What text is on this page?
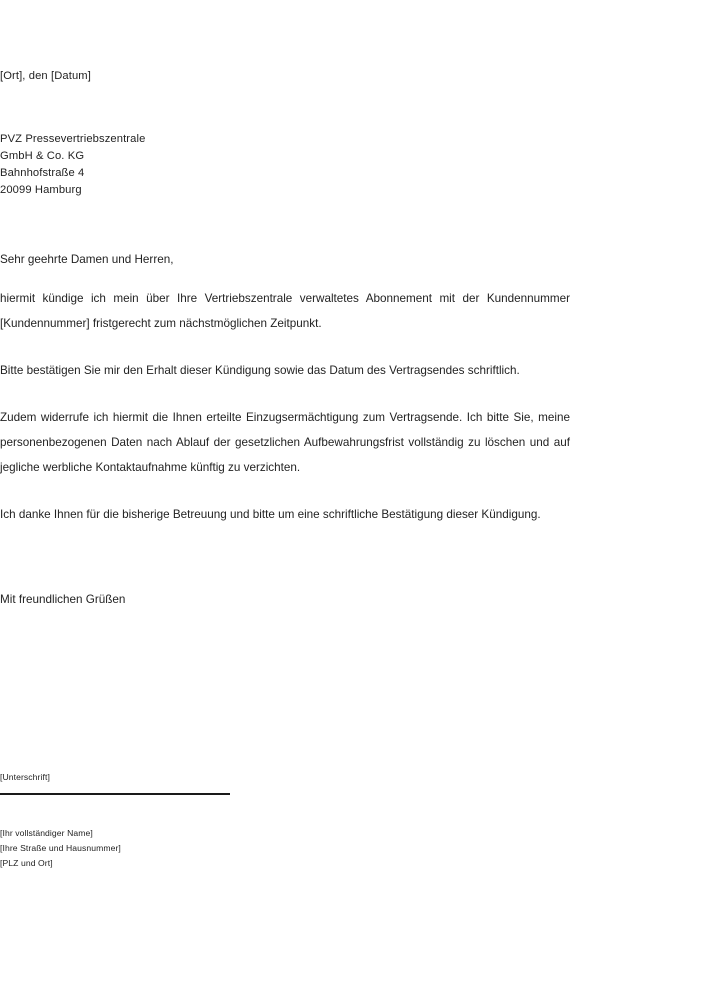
[Ort], den [Datum]
PVZ Pressevertriebszentrale
GmbH & Co. KG
Bahnhofstraße 4
20099 Hamburg
Sehr geehrte Damen und Herren,

hiermit kündige ich mein über Ihre Vertriebszentrale verwaltetes Abonnement mit der Kundennummer [Kundennummer] fristgerecht zum nächstmöglichen Zeitpunkt.

Bitte bestätigen Sie mir den Erhalt dieser Kündigung sowie das Datum des Vertragsendes schriftlich.

Zudem widerrufe ich hiermit die Ihnen erteilte Einzugsermächtigung zum Vertragsende. Ich bitte Sie, meine personenbezogenen Daten nach Ablauf der gesetzlichen Aufbewahrungsfrist vollständig zu löschen und auf jegliche werbliche Kontaktaufnahme künftig zu verzichten.

Ich danke Ihnen für die bisherige Betreuung und bitte um eine schriftliche Bestätigung dieser Kündigung.

Mit freundlichen Grüßen
[Unterschrift]
[Ihr vollständiger Name]
[Ihre Straße und Hausnummer]
[PLZ und Ort]
